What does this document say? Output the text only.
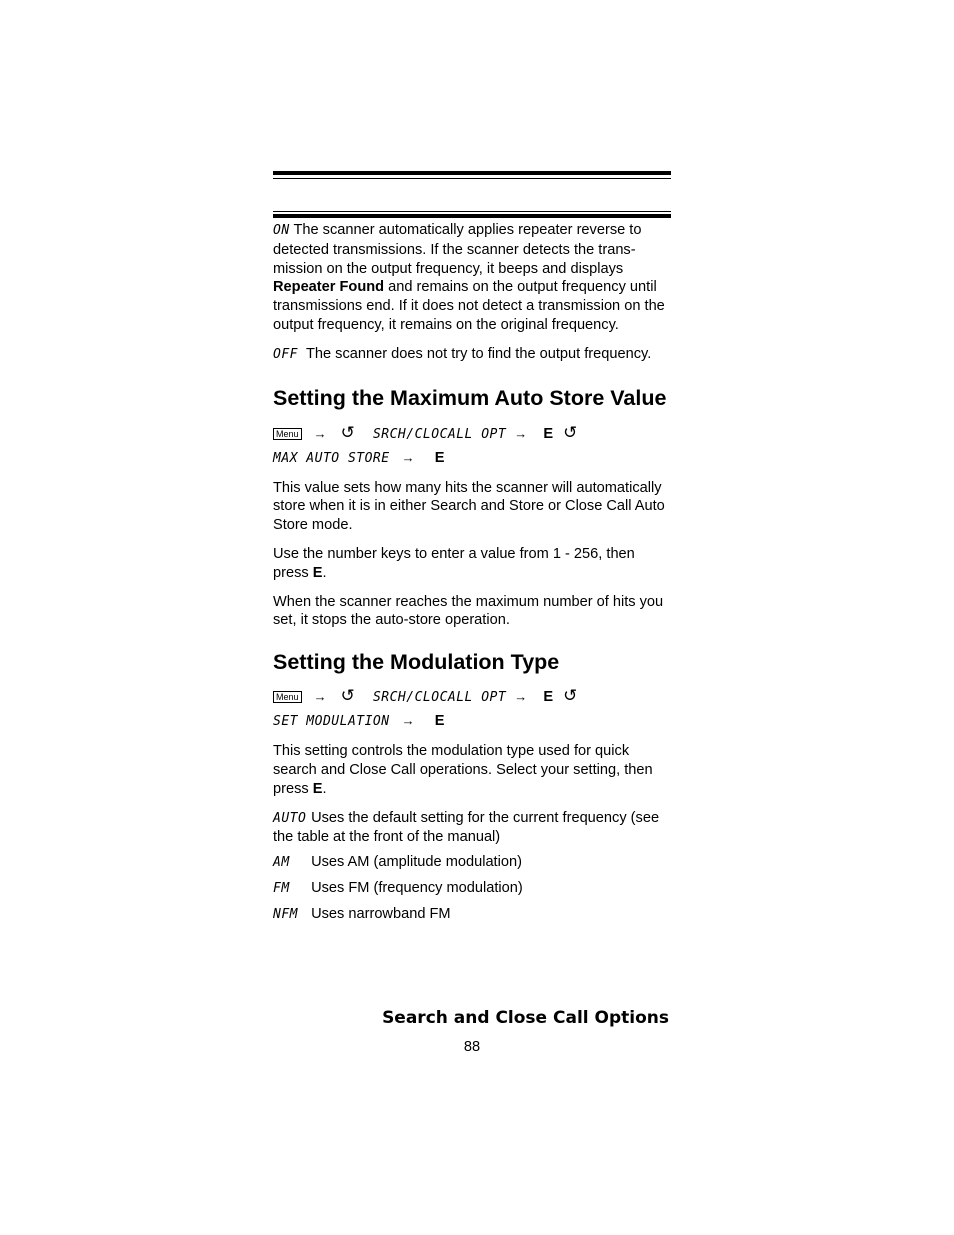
ON The scanner automatically applies repeater reverse to detected transmissions. If the scanner detects the transmission on the output frequency, it beeps and displays Repeater Found and remains on the output frequency until transmissions end. If it does not detect a transmission on the output frequency, it remains on the original frequency.

OFF The scanner does not try to find the output frequency.

Setting the Maximum Auto Store Value
Menu → ↺ SRCH/CLOCALL OPT → E ↺
MAX AUTO STORE → E

This value sets how many hits the scanner will automatically store when it is in either Search and Store or Close Call Auto Store mode.

Use the number keys to enter a value from 1 - 256, then press E.

When the scanner reaches the maximum number of hits you set, it stops the auto-store operation.

Setting the Modulation Type
Menu → ↺ SRCH/CLOCALL OPT → E ↺
SET MODULATION → E

This setting controls the modulation type used for quick search and Close Call operations. Select your setting, then press E.

AUTO Uses the default setting for the current frequency (see the table at the front of the manual)
AM Uses AM (amplitude modulation)
FM Uses FM (frequency modulation)
NFM Uses narrowband FM
Search and Close Call Options
88
